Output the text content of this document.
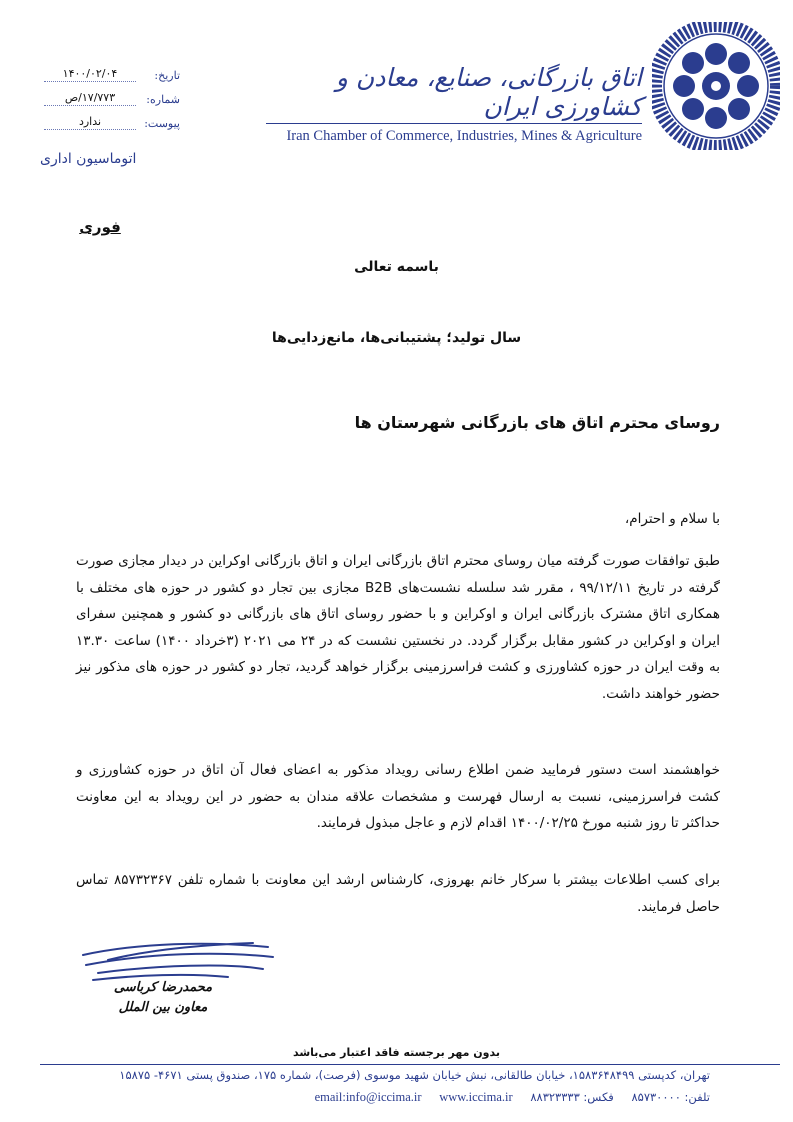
تاریخ:
۱۴۰۰/۰۲/۰۴
شماره:
۱۷/۷۷۳/ص
پیوست:
ندارد
اتوماسیون اداری
اتاق بازرگانی، صنایع، معادن و کشاورزی ایران
Iran Chamber of Commerce, Industries, Mines & Agriculture
فوری
باسمه تعالی
سال تولید؛ پشتیبانی‌ها، مانع‌زدایی‌ها
روسای محترم اتاق های بازرگانی شهرستان ها
با سلام و احترام،
طبق توافقات صورت گرفته میان روسای محترم اتاق بازرگانی ایران و اتاق بازرگانی اوکراین در دیدار مجازی صورت گرفته در تاریخ ۹۹/۱۲/۱۱ ، مقرر شد سلسله نشست‌های B2B مجازی بین تجار دو کشور در حوزه های مختلف با همکاری اتاق مشترک بازرگانی ایران و اوکراین و با حضور روسای اتاق های بازرگانی دو کشور و همچنین سفرای ایران و اوکراین در کشور مقابل برگزار گردد. در نخستین نشست که در ۲۴ می ۲۰۲۱ (۳خرداد ۱۴۰۰) ساعت ۱۳.۳۰ به وقت ایران در حوزه کشاورزی و کشت فراسرزمینی برگزار خواهد گردید، تجار دو کشور در حوزه های مذکور نیز حضور خواهند داشت.
خواهشمند است دستور فرمایید ضمن اطلاع رسانی رویداد مذکور به اعضای فعال آن اتاق در حوزه کشاورزی و کشت فراسرزمینی، نسبت به ارسال فهرست و مشخصات علاقه مندان به حضور در این رویداد به این معاونت حداکثر تا روز شنبه مورخ ۱۴۰۰/۰۲/۲۵ اقدام لازم و عاجل مبذول فرمایند.
برای کسب اطلاعات بیشتر با سرکار خانم بهروزی، کارشناس ارشد این معاونت با شماره تلفن ۸۵۷۳۲۳۶۷ تماس حاصل فرمایند.
محمدرضا کرباسی
معاون بین الملل
بدون مهر برجسته فاقد اعتبار می‌باشد
تهران، کدپستی ۱۵۸۳۶۴۸۴۹۹، خیابان طالقانی، نبش خیابان شهید موسوی (فرصت)، شماره ۱۷۵، صندوق پستی ۴۶۷۱- ۱۵۸۷۵
تلفن: ۸۵۷۳۰۰۰۰ فکس: ۸۸۳۲۳۳۳۳ email:info@iccima.ir www.iccima.ir
